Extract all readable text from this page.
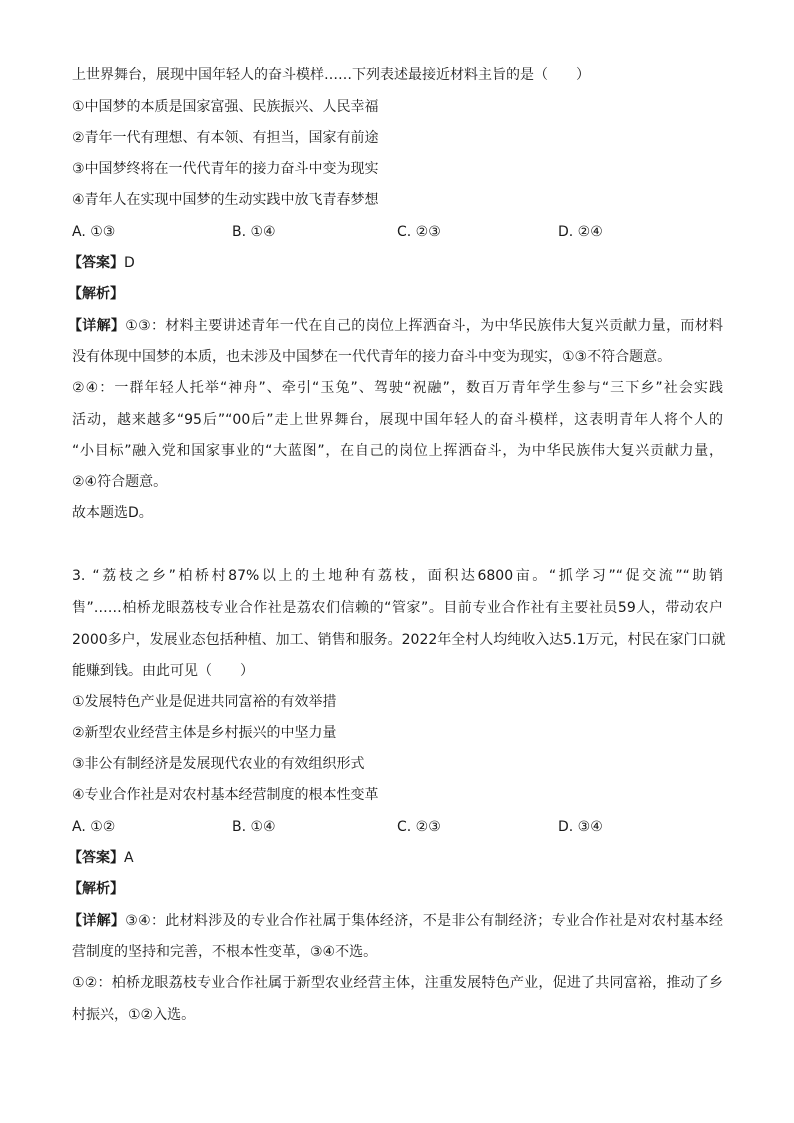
上世界舞台，展现中国年轻人的奋斗模样……下列表述最接近材料主旨的是（　　）
①中国梦的本质是国家富强、民族振兴、人民幸福
②青年一代有理想、有本领、有担当，国家有前途
③中国梦终将在一代代青年的接力奋斗中变为现实
④青年人在实现中国梦的生动实践中放飞青春梦想
A. ①③	B. ①④	C. ②③	D. ②④
【答案】D
【解析】
【详解】①③：材料主要讲述青年一代在自己的岗位上挥洒奋斗，为中华民族伟大复兴贡献力量，而材料
没有体现中国梦的本质，也未涉及中国梦在一代代青年的接力奋斗中变为现实，①③不符合题意。
②④：一群年轻人托举“神舟”、牵引“玉兔”、驾驶“祝融”，数百万青年学生参与“三下乡”社会实践
活动，越来越多“95后”“00后”走上世界舞台，展现中国年轻人的奋斗模样，这表明青年人将个人的
“小目标”融入党和国家事业的“大蓝图”，在自己的岗位上挥洒奋斗，为中华民族伟大复兴贡献力量，
②④符合题意。
故本题选D。
3. “荔枝之乡”柏桥村87%以上的土地种有荔枝，面积达6800亩。“抓学习”“促交流”“助销
售”……柏桥龙眼荔枝专业合作社是荔农们信赖的“管家”。目前专业合作社有主要社员59人，带动农户
2000多户，发展业态包括种植、加工、销售和服务。2022年全村人均纯收入达5.1万元，村民在家门口就
能赚到钱。由此可见（　　）
①发展特色产业是促进共同富裕的有效举措
②新型农业经营主体是乡村振兴的中坚力量
③非公有制经济是发展现代农业的有效组织形式
④专业合作社是对农村基本经营制度的根本性变革
A. ①②	B. ①④	C. ②③	D. ③④
【答案】A
【解析】
【详解】③④：此材料涉及的专业合作社属于集体经济，不是非公有制经济；专业合作社是对农村基本经
营制度的坚持和完善，不根本性变革，③④不选。
①②：柏桥龙眼荔枝专业合作社属于新型农业经营主体，注重发展特色产业，促进了共同富裕，推动了乡
村振兴，①②入选。
